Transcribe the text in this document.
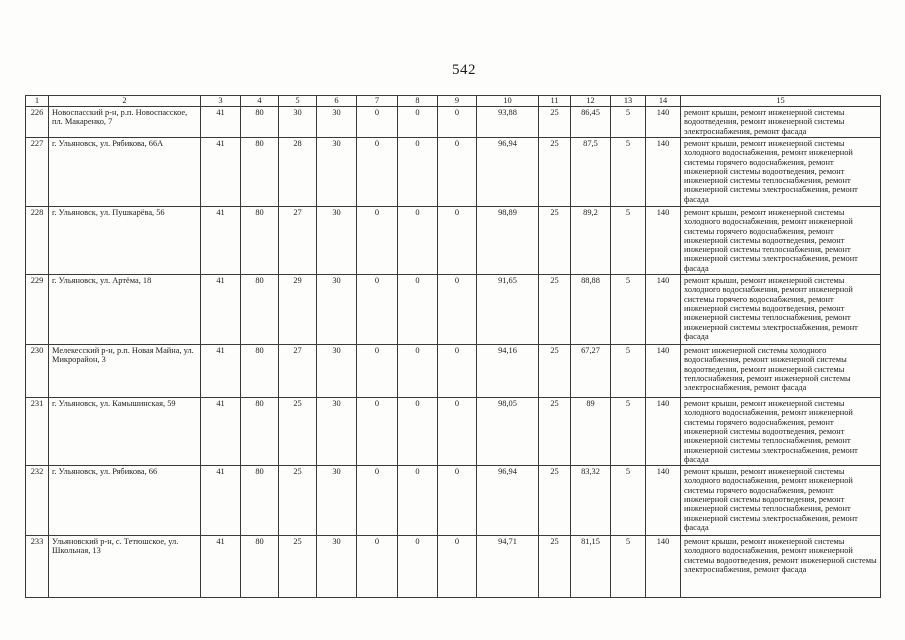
542
1	2	3	4	5	6	7	8	9	10	11	12	13	14	15
226	Новоспасский р-н, р.п. Новоспасское, пл. Макаренко, 7	41	80	30	30	0	0	0	93,88	25	86,45	5	140	ремонт крыши, ремонт инженерной системы водоотведения, ремонт инженерной системы электроснабжения, ремонт фасада
227	г. Ульяновск, ул. Рябикова, 66А	41	80	28	30	0	0	0	96,94	25	87,5	5	140	ремонт крыши, ремонт инженерной системы холодного водоснабжения, ремонт инженерной системы горячего водоснабжения, ремонт инженерной системы водоотведения, ремонт инженерной системы теплоснабжения, ремонт инженерной системы электроснабжения, ремонт фасада
228	г. Ульяновск, ул. Пушкарёва, 56	41	80	27	30	0	0	0	98,89	25	89,2	5	140	ремонт крыши, ремонт инженерной системы холодного водоснабжения, ремонт инженерной системы горячего водоснабжения, ремонт инженерной системы водоотведения, ремонт инженерной системы теплоснабжения, ремонт инженерной системы электроснабжения, ремонт фасада
229	г. Ульяновск, ул. Артёма, 18	41	80	29	30	0	0	0	91,65	25	88,88	5	140	ремонт крыши, ремонт инженерной системы холодного водоснабжения, ремонт инженерной системы горячего водоснабжения, ремонт инженерной системы водоотведения, ремонт инженерной системы теплоснабжения, ремонт инженерной системы электроснабжения, ремонт фасада
230	Мелекесский р-н, р.п. Новая Майна, ул. Микрорайон, 3	41	80	27	30	0	0	0	94,16	25	67,27	5	140	ремонт инженерной системы холодного водоснабжения, ремонт инженерной системы водоотведения, ремонт инженерной системы теплоснабжения, ремонт инженерной системы электроснабжения, ремонт фасада
231	г. Ульяновск, ул. Камышинская, 59	41	80	25	30	0	0	0	98,05	25	89	5	140	ремонт крыши, ремонт инженерной системы холодного водоснабжения, ремонт инженерной системы горячего водоснабжения, ремонт инженерной системы водоотведения, ремонт инженерной системы теплоснабжения, ремонт инженерной системы электроснабжения, ремонт фасада
232	г. Ульяновск, ул. Рябикова, 66	41	80	25	30	0	0	0	96,94	25	83,32	5	140	ремонт крыши, ремонт инженерной системы холодного водоснабжения, ремонт инженерной системы горячего водоснабжения, ремонт инженерной системы водоотведения, ремонт инженерной системы теплоснабжения, ремонт инженерной системы электроснабжения, ремонт фасада
233	Ульяновский р-н, с. Тетюшское, ул. Школьная, 13	41	80	25	30	0	0	0	94,71	25	81,15	5	140	ремонт крыши, ремонт инженерной системы холодного водоснабжения, ремонт инженерной системы водоотведения, ремонт инженерной системы электроснабжения, ремонт фасада
